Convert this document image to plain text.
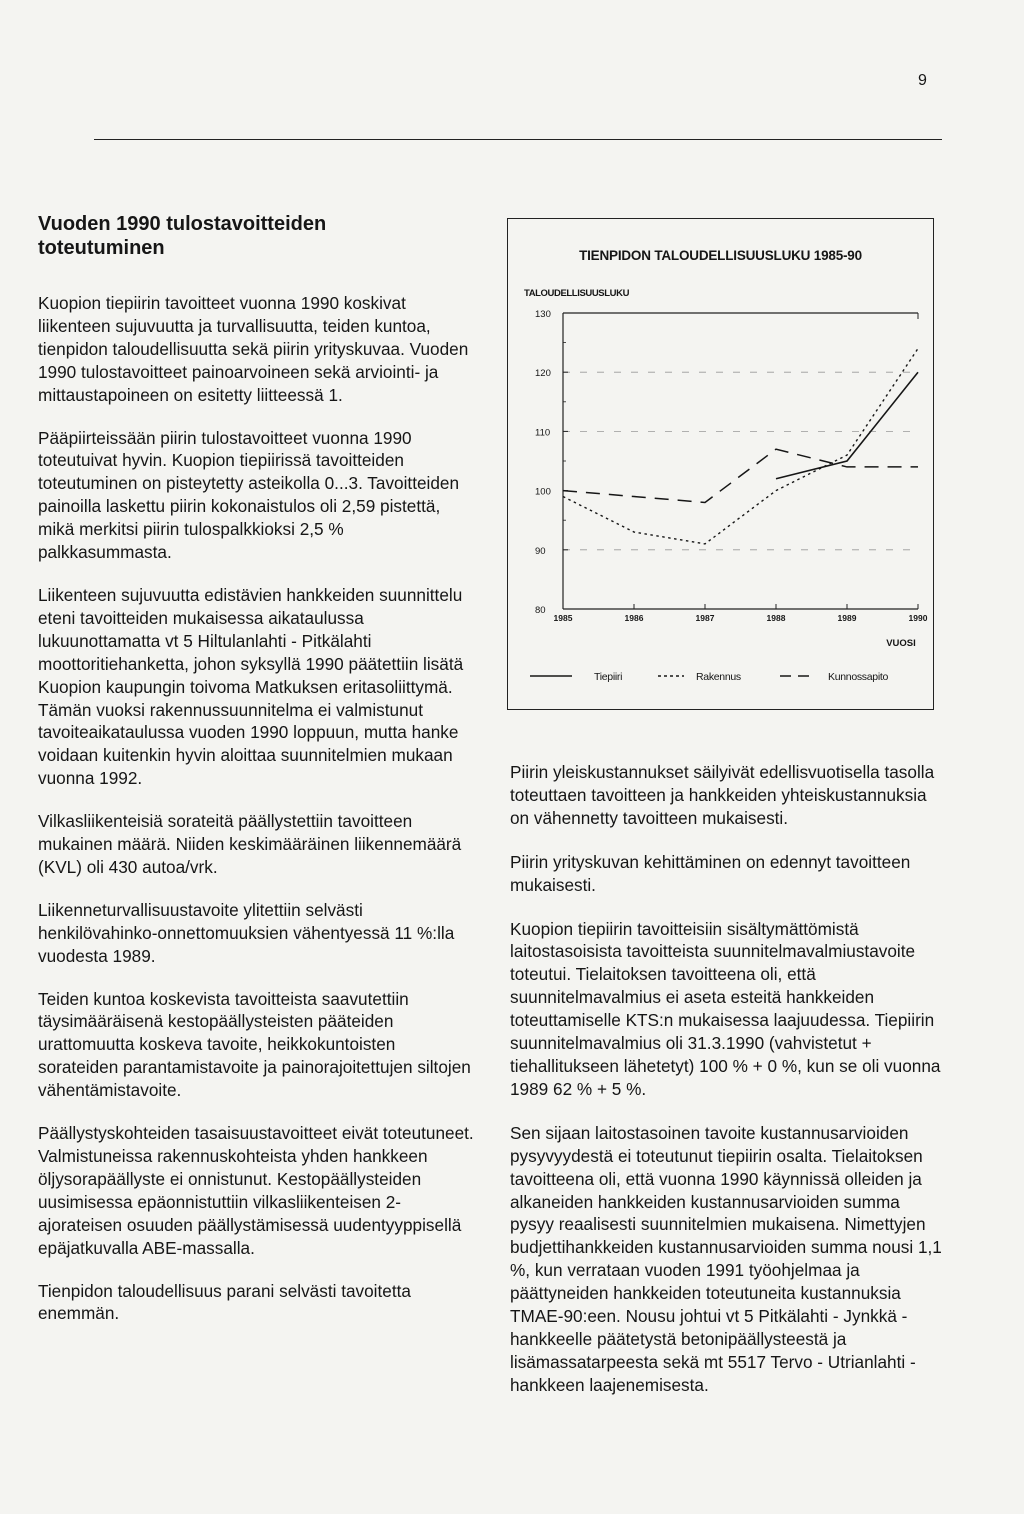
9
Vuoden 1990 tulostavoitteiden
toteutuminen

Kuopion tiepiirin tavoitteet vuonna 1990 koskivat liikenteen sujuvuutta ja turvallisuutta, teiden kuntoa, tienpidon taloudellisuutta sekä piirin yrityskuvaa. Vuoden 1990 tulostavoitteet painoarvoineen sekä arviointi- ja mittaustapoineen on esitetty liitteessä 1.

Pääpiirteissään piirin tulostavoitteet vuonna 1990 toteutuivat hyvin. Kuopion tiepiirissä tavoitteiden toteutuminen on pisteytetty asteikolla 0...3. Tavoitteiden painoilla laskettu piirin kokonaistulos oli 2,59 pistettä, mikä merkitsi piirin tulospalkkioksi 2,5 % palkkasummasta.

Liikenteen sujuvuutta edistävien hankkeiden suunnittelu eteni tavoitteiden mukaisessa aikataulussa lukuunottamatta vt 5 Hiltulanlahti - Pitkälahti moottoritiehanketta, johon syksyllä 1990 päätettiin lisätä Kuopion kaupungin toivoma Matkuksen eritasoliittymä. Tämän vuoksi rakennussuunnitelma ei valmistunut tavoiteaikataulussa vuoden 1990 loppuun, mutta hanke voidaan kuitenkin hyvin aloittaa suunnitelmien mukaan vuonna 1992.

Vilkasliikenteisiä sorateitä päällystettiin tavoitteen mukainen määrä. Niiden keskimääräinen liikennemäärä (KVL) oli 430 autoa/vrk.

Liikenneturvallisuustavoite ylitettiin selvästi henkilövahinko-onnettomuuksien vähentyessä 11 %:lla vuodesta 1989.

Teiden kuntoa koskevista tavoitteista saavutettiin täysimääräisenä kestopäällysteisten pääteiden urattomuutta koskeva tavoite, heikkokuntoisten sorateiden parantamistavoite ja painorajoitettujen siltojen vähentämistavoite.

Päällystyskohteiden tasaisuustavoitteet eivät toteutuneet. Valmistuneissa rakennuskohteista yhden hankkeen öljysorapäällyste ei onnistunut. Kestopäällysteiden uusimisessa epäonnistuttiin vilkasliikenteisen 2-ajorateisen osuuden päällystämisessä uudentyyppisellä epäjatkuvalla ABE-massalla.

Tienpidon taloudellisuus parani selvästi tavoitetta enemmän.

TIENPIDON TALOUDELLISUUSLUKU 1985-90
80
90
100
110
120
130
1985	1986	1987	1988	1989	1990
Tiepiiri	Rakennus	Kunnossapito
TALOUDELLISUUSLUKU
VUOSI

Piirin yleiskustannukset säilyivät edellisvuotisella tasolla toteuttaen tavoitteen ja hankkeiden yhteiskustannuksia on vähennetty tavoitteen mukaisesti.

Piirin yrityskuvan kehittäminen on edennyt tavoitteen mukaisesti.

Kuopion tiepiirin tavoitteisiin sisältymättömistä laitostasoisista tavoitteista suunnitelmavalmiustavoite toteutui. Tielaitoksen tavoitteena oli, että suunnitelmavalmius ei aseta esteitä hankkeiden toteuttamiselle KTS:n mukaisessa laajuudessa. Tiepiirin suunnitelmavalmius oli 31.3.1990 (vahvistetut + tiehallitukseen lähetetyt) 100 % + 0 %, kun se oli vuonna 1989 62 % + 5 %.

Sen sijaan laitostasoinen tavoite kustannusarvioiden pysyvyydestä ei toteutunut tiepiirin osalta. Tielaitoksen tavoitteena oli, että vuonna 1990 käynnissä olleiden ja alkaneiden hankkeiden kustannusarvioiden summa pysyy reaalisesti suunnitelmien mukaisena. Nimettyjen budjettihankkeiden kustannusarvioiden summa nousi 1,1 %, kun verrataan vuoden 1991 työohjelmaa ja päättyneiden hankkeiden toteutuneita kustannuksia TMAE-90:een. Nousu johtui vt 5 Pitkälahti - Jynkkä -hankkeelle päätetystä betonipäällysteestä ja lisämassatarpeesta sekä mt 5517 Tervo - Utrianlahti -hankkeen laajenemisesta.
